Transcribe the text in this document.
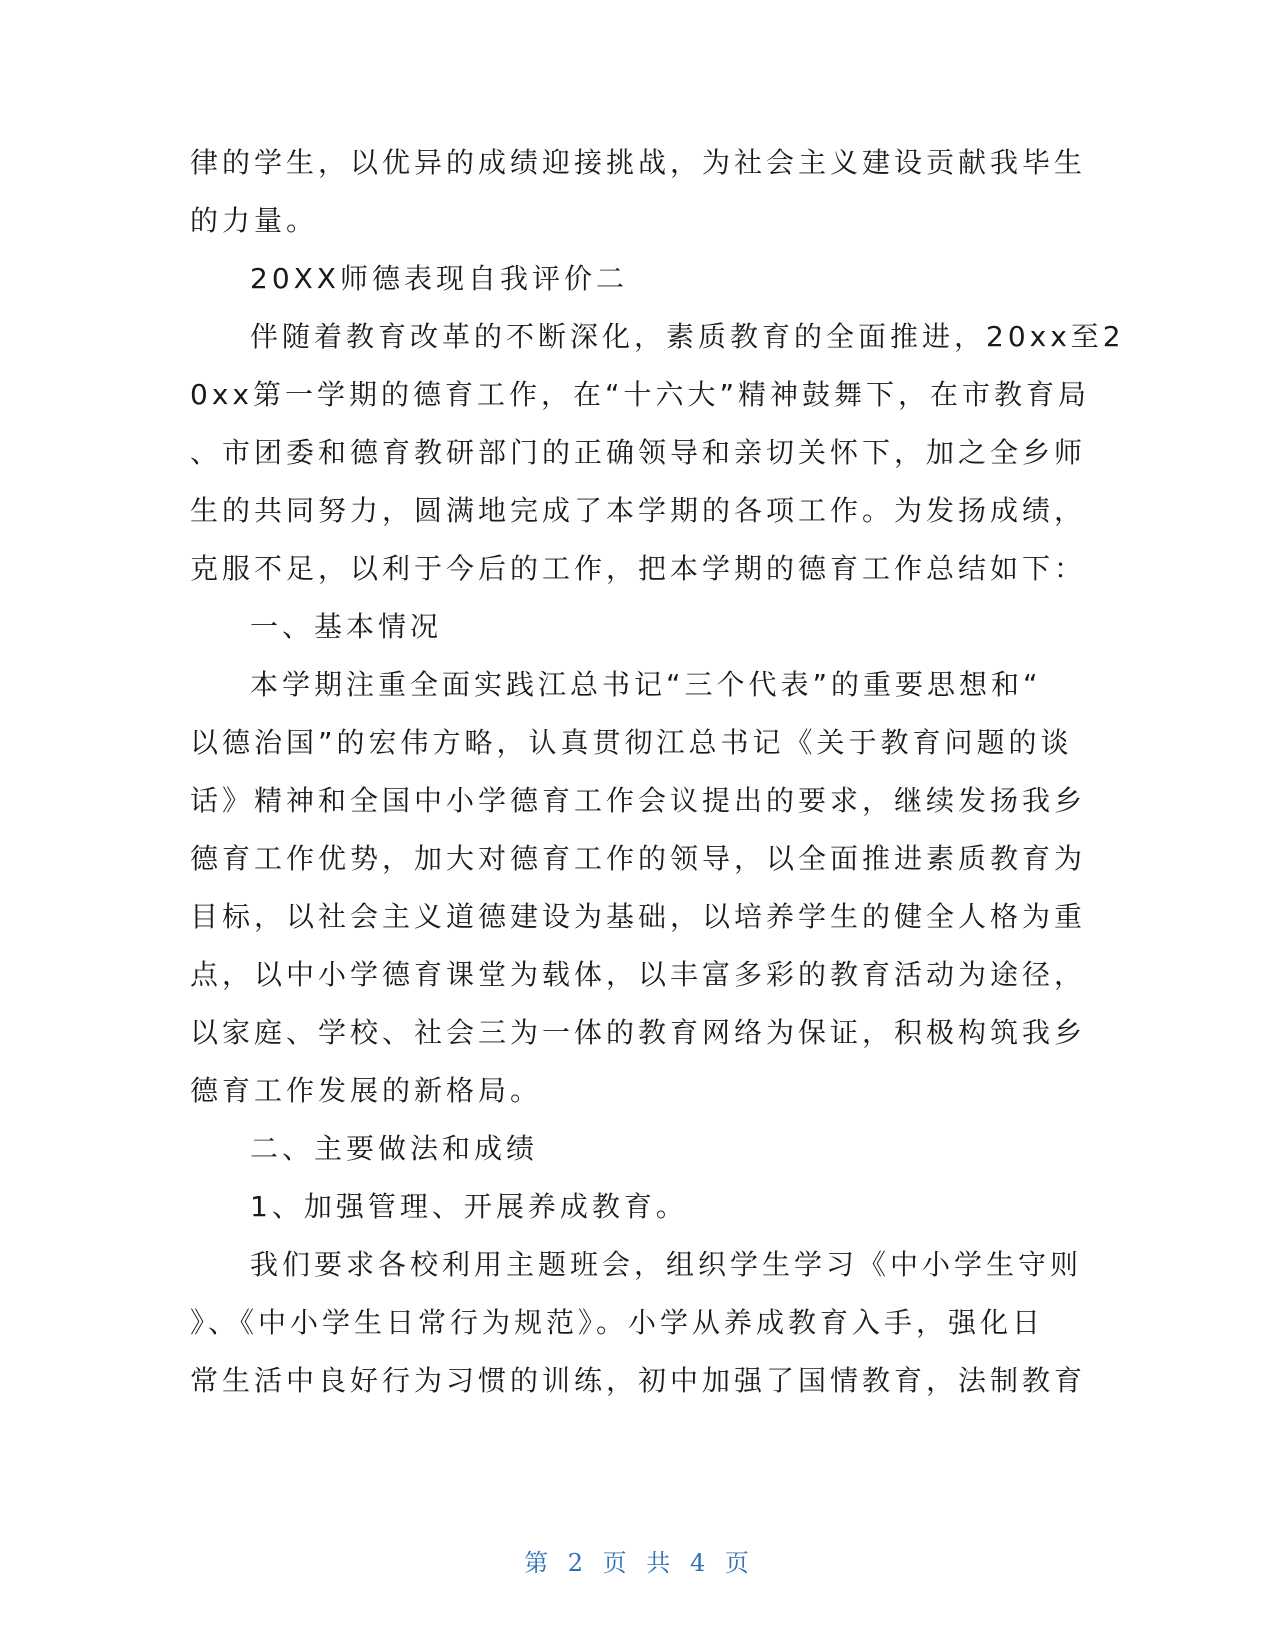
律的学生，以优异的成绩迎接挑战，为社会主义建设贡献我毕生
的力量。
20XX师德表现自我评价二
伴随着教育改革的不断深化，素质教育的全面推进，20xx至2
0xx第一学期的德育工作，在“十六大”精神鼓舞下，在市教育局
、市团委和德育教研部门的正确领导和亲切关怀下，加之全乡师
生的共同努力，圆满地完成了本学期的各项工作。为发扬成绩，
克服不足，以利于今后的工作，把本学期的德育工作总结如下：
一、基本情况
本学期注重全面实践江总书记“三个代表”的重要思想和“
以德治国”的宏伟方略，认真贯彻江总书记《关于教育问题的谈
话》精神和全国中小学德育工作会议提出的要求，继续发扬我乡
德育工作优势，加大对德育工作的领导，以全面推进素质教育为
目标，以社会主义道德建设为基础，以培养学生的健全人格为重
点，以中小学德育课堂为载体，以丰富多彩的教育活动为途径，
以家庭、学校、社会三为一体的教育网络为保证，积极构筑我乡
德育工作发展的新格局。
二、主要做法和成绩
1、加强管理、开展养成教育。
我们要求各校利用主题班会，组织学生学习《中小学生守则
》、《中小学生日常行为规范》。小学从养成教育入手，强化日
常生活中良好行为习惯的训练，初中加强了国情教育，法制教育
第 2 页 共 4 页
